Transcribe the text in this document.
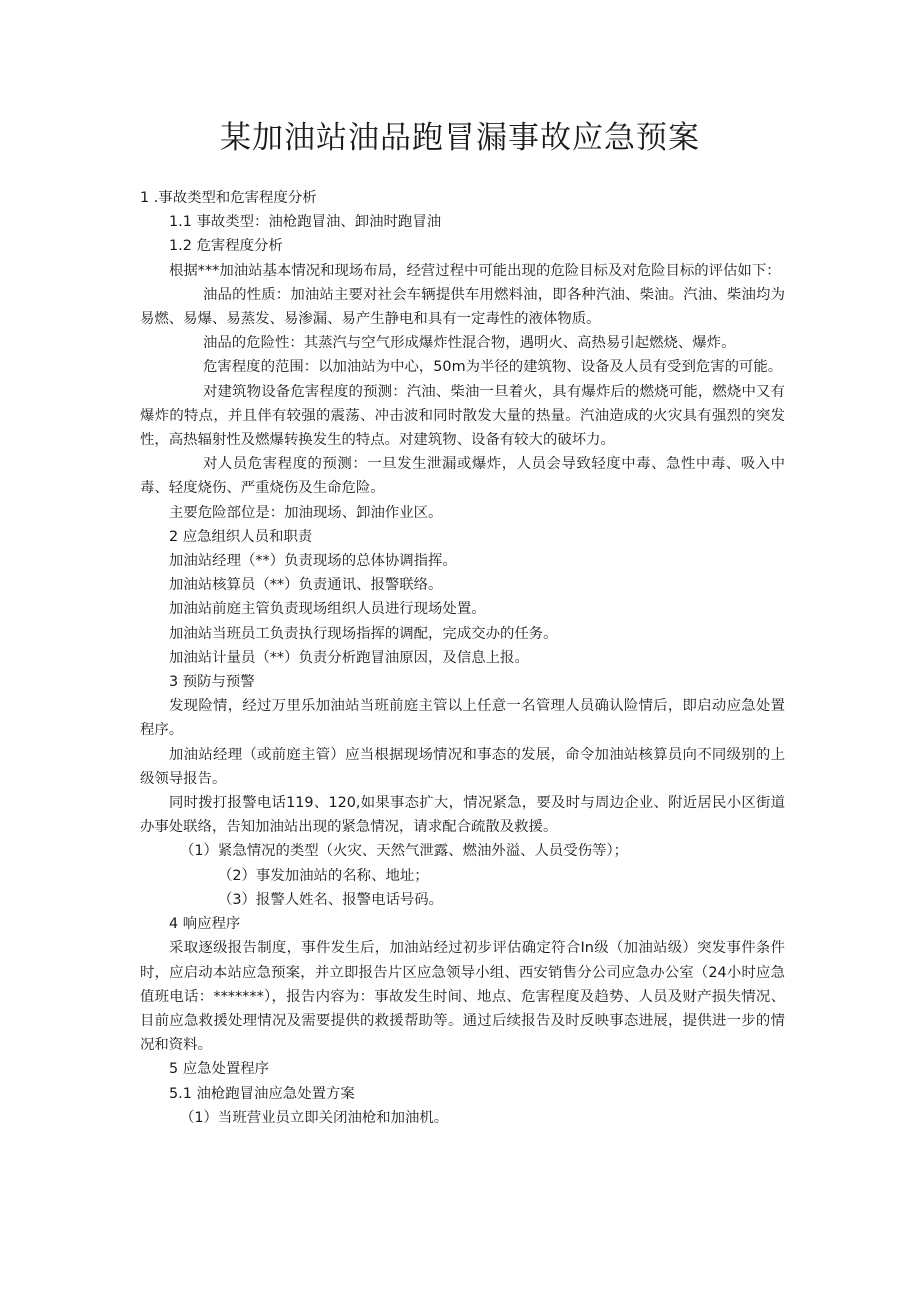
某加油站油品跑冒漏事故应急预案

1 .事故类型和危害程度分析

1.1 事故类型：油枪跑冒油、卸油时跑冒油

1.2 危害程度分析

根据***加油站基本情况和现场布局，经营过程中可能出现的危险目标及对危险目标的评估如下：

油品的性质：加油站主要对社会车辆提供车用燃料油，即各种汽油、柴油。汽油、柴油均为易燃、易爆、易蒸发、易渗漏、易产生静电和具有一定毒性的液体物质。

油品的危险性：其蒸汽与空气形成爆炸性混合物，遇明火、高热易引起燃烧、爆炸。

危害程度的范围：以加油站为中心，50m为半径的建筑物、设备及人员有受到危害的可能。

对建筑物设备危害程度的预测：汽油、柴油一旦着火，具有爆炸后的燃烧可能，燃烧中又有爆炸的特点，并且伴有较强的震荡、冲击波和同时散发大量的热量。汽油造成的火灾具有强烈的突发性，高热辐射性及燃爆转换发生的特点。对建筑物、设备有较大的破坏力。

对人员危害程度的预测：一旦发生泄漏或爆炸，人员会导致轻度中毒、急性中毒、吸入中毒、轻度烧伤、严重烧伤及生命危险。

主要危险部位是：加油现场、卸油作业区。

2 应急组织人员和职责

加油站经理（**）负责现场的总体协调指挥。

加油站核算员（**）负责通讯、报警联络。

加油站前庭主管负责现场组织人员进行现场处置。

加油站当班员工负责执行现场指挥的调配，完成交办的任务。

加油站计量员（**）负责分析跑冒油原因，及信息上报。

3 预防与预警

发现险情，经过万里乐加油站当班前庭主管以上任意一名管理人员确认险情后，即启动应急处置程序。

加油站经理（或前庭主管）应当根据现场情况和事态的发展，命令加油站核算员向不同级别的上级领导报告。

同时拨打报警电话119、120,如果事态扩大，情况紧急，要及时与周边企业、附近居民小区街道办事处联络，告知加油站出现的紧急情况，请求配合疏散及救援。

（1）紧急情况的类型（火灾、天然气泄露、燃油外溢、人员受伤等）；

（2）事发加油站的名称、地址；

（3）报警人姓名、报警电话号码。

4 响应程序

采取逐级报告制度，事件发生后，加油站经过初步评估确定符合In级（加油站级）突发事件条件时，应启动本站应急预案，并立即报告片区应急领导小组、西安销售分公司应急办公室（24小时应急值班电话：*******），报告内容为：事故发生时间、地点、危害程度及趋势、人员及财产损失情况、目前应急救援处理情况及需要提供的救援帮助等。通过后续报告及时反映事态进展，提供进一步的情况和资料。

5 应急处置程序

5.1 油枪跑冒油应急处置方案

（1）当班营业员立即关闭油枪和加油机。
